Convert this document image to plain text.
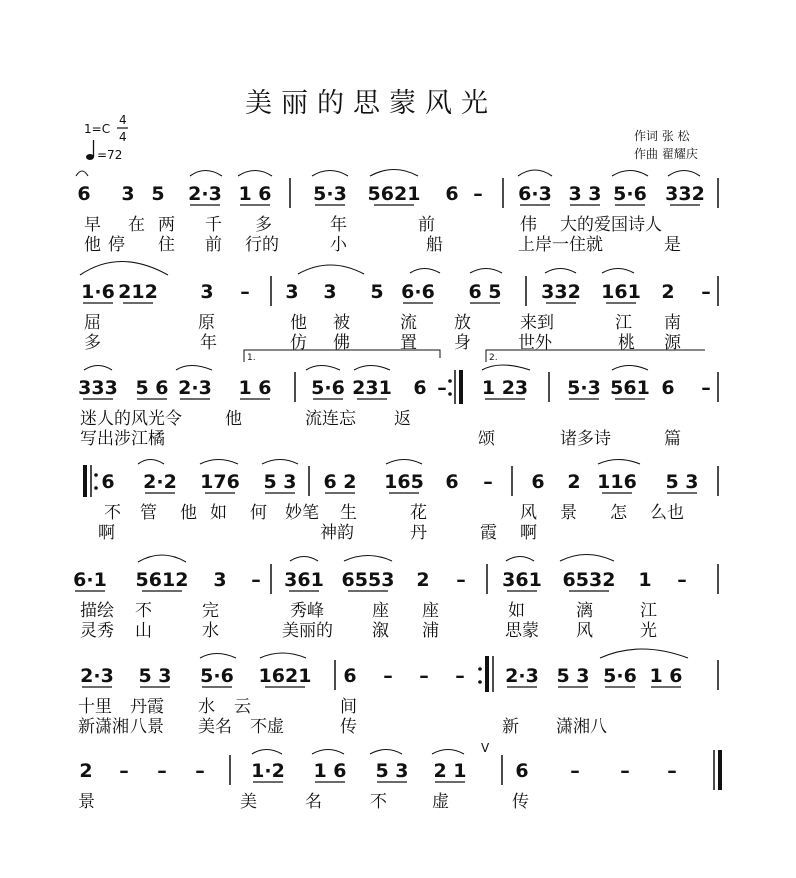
美丽的思蒙风光
1=C
4
4
=72
作词 张 松
作曲 翟耀庆
1.	2.
V
6 3 5 2·3 1 6 5·3 5621 6 – 6·3 3 3 5·6 332
1·6 212 3 – 3 3 5 6·6 6 5 332 161 2 –
333 5 6 2·3 1 6 5·6 231 6 – 1 23 5·3 561 6 –
6 2·2 176 5 3 6 2 165 6 – 6 2 116 5 3
6·1 5612 3 – 361 6553 2 – 361 6532 1 –
2·3 5 3 5·6 1621 6 – – – 2·3 5 3 5·6 1 6
2 – – – 1·2 1 6 5 3 2 1	6 – – –
早 在 两 千 多	年	前	伟 大的爱国诗人
他 停 住 前 行的	小	船	上岸一住就	是
屈	原	他 被	流 放	来到	江 南
多	年	仿 佛	置 身	世外	桃 源
迷人的风光令	他	流连忘 返
写出涉江橘	颂	诸多诗	篇
不 管 他 如 何 妙笔 生	花	风 景 怎 么也
啊	神韵	丹	霞 啊
描绘 不	完	秀峰	座 座	如	漓	江
灵秀 山	水	美丽的 溆 浦	思蒙 风	光
十里 丹霞 水 云	间
新潇湘 八景 美名 不虚	传	新 潇湘八
景	美	名	不	虚	传
